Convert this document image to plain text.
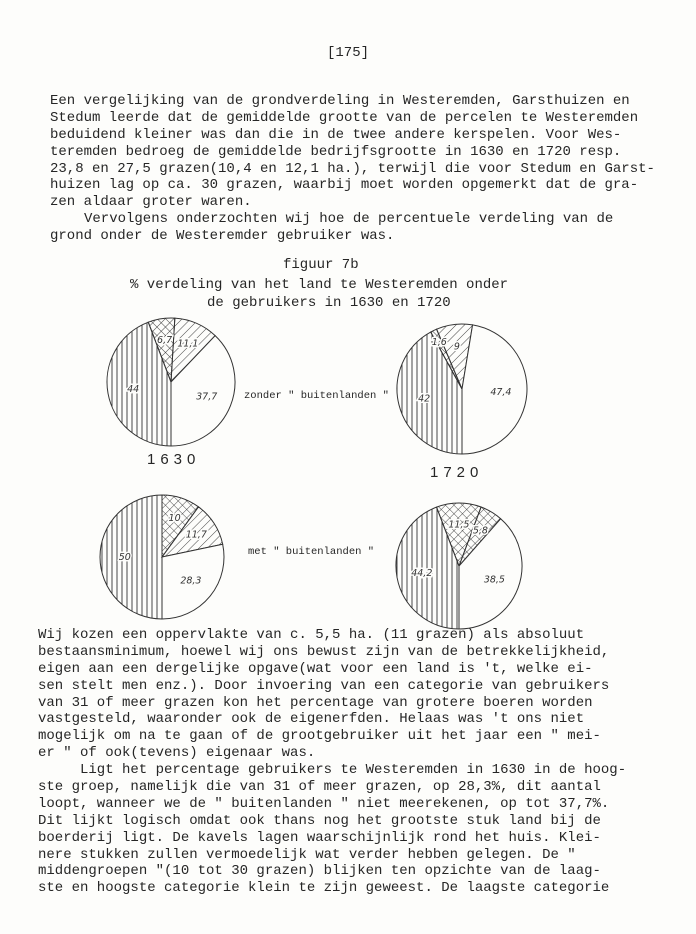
[175]
Een vergelijking van de grondverdeling in Westeremden, Garsthuizen en
Stedum leerde dat de gemiddelde grootte van de percelen te Westeremden
beduidend kleiner was dan die in de twee andere kerspelen. Voor Wes-
teremden bedroeg de gemiddelde bedrijfsgrootte in 1630 en 1720 resp.
23,8 en 27,5 grazen(10,4 en 12,1 ha.), terwijl die voor Stedum en Garst-
huizen lag op ca. 30 grazen, waarbij moet worden opgemerkt dat de gra-
zen aldaar groter waren.
Vervolgens onderzochten wij hoe de percentuele verdeling van de
grond onder de Westeremder gebruiker was.
figuur 7b
% verdeling van het land te Westeremden onder
de gebruikers in 1630 en 1720
44
6,7 11,1
37,7	42
1,6 9
47,4
50
10
11,7
28,3
44,2
11,5
5,8
38,5
zonder " buitenlanden "
met " buitenlanden "
1630
1720
Wij kozen een oppervlakte van c. 5,5 ha. (11 grazen) als absoluut
bestaansminimum, hoewel wij ons bewust zijn van de betrekkelijkheid,
eigen aan een dergelijke opgave(wat voor een land is 't, welke ei-
sen stelt men enz.). Door invoering van een categorie van gebruikers
van 31 of meer grazen kon het percentage van grotere boeren worden
vastgesteld, waaronder ook de eigenerfden. Helaas was 't ons niet
mogelijk om na te gaan of de grootgebruiker uit het jaar een " mei-
er " of ook(tevens) eigenaar was.
Ligt het percentage gebruikers te Westeremden in 1630 in de hoog-
ste groep, namelijk die van 31 of meer grazen, op 28,3%, dit aantal
loopt, wanneer we de " buitenlanden " niet meerekenen, op tot 37,7%.
Dit lijkt logisch omdat ook thans nog het grootste stuk land bij de
boerderij ligt. De kavels lagen waarschijnlijk rond het huis. Klei-
nere stukken zullen vermoedelijk wat verder hebben gelegen. De "
middengroepen "(10 tot 30 grazen) blijken ten opzichte van de laag-
ste en hoogste categorie klein te zijn geweest. De laagste categorie
